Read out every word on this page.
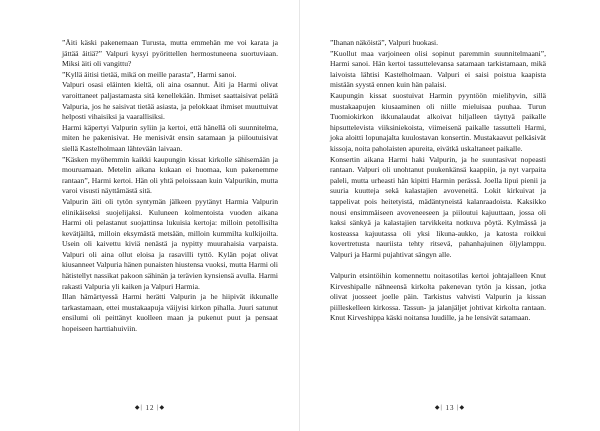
”Äiti käski pakenemaan Turusta, mutta emmehän me voi karata ja jättää äitiä?” Valpuri kysyi pyörittellen hermostuneena suortuviaan. Miksi äiti oli vangittu?

”Kyllä äitisi tietää, mikä on meille parasta”, Harmi sanoi.

Valpuri osasi eläinten kieltä, oli aina osannut. Äiti ja Harmi olivat varoittaneet paljastamasta sitä kenellekään. Ihmiset saattaisivat pelätä Valpuria, jos he saisivat tietää asiasta, ja pelokkaat ihmiset muuttuivat helposti vihaisiksi ja vaarallisiksi.

Harmi käpertyi Valpurin syliin ja kertoi, että hänellä oli suunnitelma, miten he pakenisivat. He menisivät ensin satamaan ja piiloutuisivat siellä Kastelholmaan lähtevään laivaan.

”Käsken myöhemmin kaikki kaupungin kissat kirkolle sähisemään ja mouruamaan. Metelin aikana kukaan ei huomaa, kun pakenemme rantaan”, Harmi kertoi. Hän oli yhtä peloissaan kuin Valpurikin, mutta varoi visusti näyttämästä sitä.

Valpurin äiti oli tytön syntymän jälkeen pyytänyt Harmia Valpurin elinikäiseksi suojelijaksi. Kuluneen kolmentoista vuoden aikana Harmi oli pelastanut suojattinsa lukuisia kertoja: milloin petollisilta kevätjäiltä, milloin eksymästä metsään, milloin kummilta kulkijoilta. Usein oli kaivettu kiviä nenästä ja nypitty muurahaisia varpaista. Valpuri oli aina ollut eloisa ja rasavilli tyttö. Kylän pojat olivat kiusanneet Valpuria hänen punaisten hiustensa vuoksi, mutta Harmi oli hätistellyt nassikat pakoon sähinän ja terävien kynsiensä avulla. Harmi rakasti Valpuria yli kaiken ja Valpuri Harmia.

Illan hämärtyessä Harmi herätti Valpurin ja he hiipivät ikkunalle tarkastamaan, ettei mustakaapuja väijyisi kirkon pihalla. Juuri satunut ensilumi oli peittänyt kuolleen maan ja pukenut puut ja pensaat hopeiseen harttiahuiviin.

◆| 12 |◆

”Ihanan näköistä”, Valpuri huokasi.

”Kuollut maa varjoineen olisi sopinut paremmin suunnitelmaani”, Harmi sanoi. Hän kertoi tassuttelevansa satamaan tarkistamaan, mikä laivoista lähtisi Kastelholmaan. Valpuri ei saisi poistua kaapista mistään syystä ennen kuin hän palaisi.

Kaupungin kissat suostuivat Harmin pyyntöön mielihyvin, sillä mustakaapujen kiusaaminen oli niille mieluisaa puuhaa. Turun Tuomiokirkon ikkunalaudat alkoivat hiljalleen täyttyä paikalle hipsuttelevista viiksiniekoista, viimeisenä paikalle tassutteli Harmi, joka aloitti lopunajalta kuulostavan konsertin. Mustakaavut pelkäsivät kissoja, noita paholaisten apureita, eivätkä uskaltaneet paikalle.

Konsertin aikana Harmi haki Valpurin, ja he suuntasivat nopeasti rantaan. Valpuri oli unohtanut puukenkänsä kaappiin, ja nyt varpaita paleli, mutta urheasti hän kipitti Harmin perässä. Joella lipui pienii ja suuria kuutteja sekä kalastajien avoveneitä. Lokit kirkuivat ja tappelivat pois heitetyistä, mädäntyneistä kalanraadoista. Kaksikko nousi ensimmäiseen avoveneeseen ja piiloutui kajuuttaan, jossa oli kaksi sänkyä ja kalastajien tarvikkeita notkuva pöytä. Kylmässä ja kosteassa kajuutassa oli yksi likuna-aukko, ja katosta roikkui kovertretusta nauriista tehty ritsevä, pahanhajuinen öljylamppu. Valpuri ja Harmi pujahtivat sängyn alle.

Valpurin etsintöihin komennettu noitasotilas kertoi johtajalleen Knut Kirveshipalle nähneensä kirkolta pakenevan tytön ja kissan, jotka olivat juosseet joelle päin. Tarkistus vahvisti Valpurin ja kissan piilleskelleen kirkossa. Tassun- ja jalanjäljet johtivat kirkolta rantaan. Knut Kirveshippa käski noitansa luudille, ja he lensivät satamaan.

◆| 13 |◆
